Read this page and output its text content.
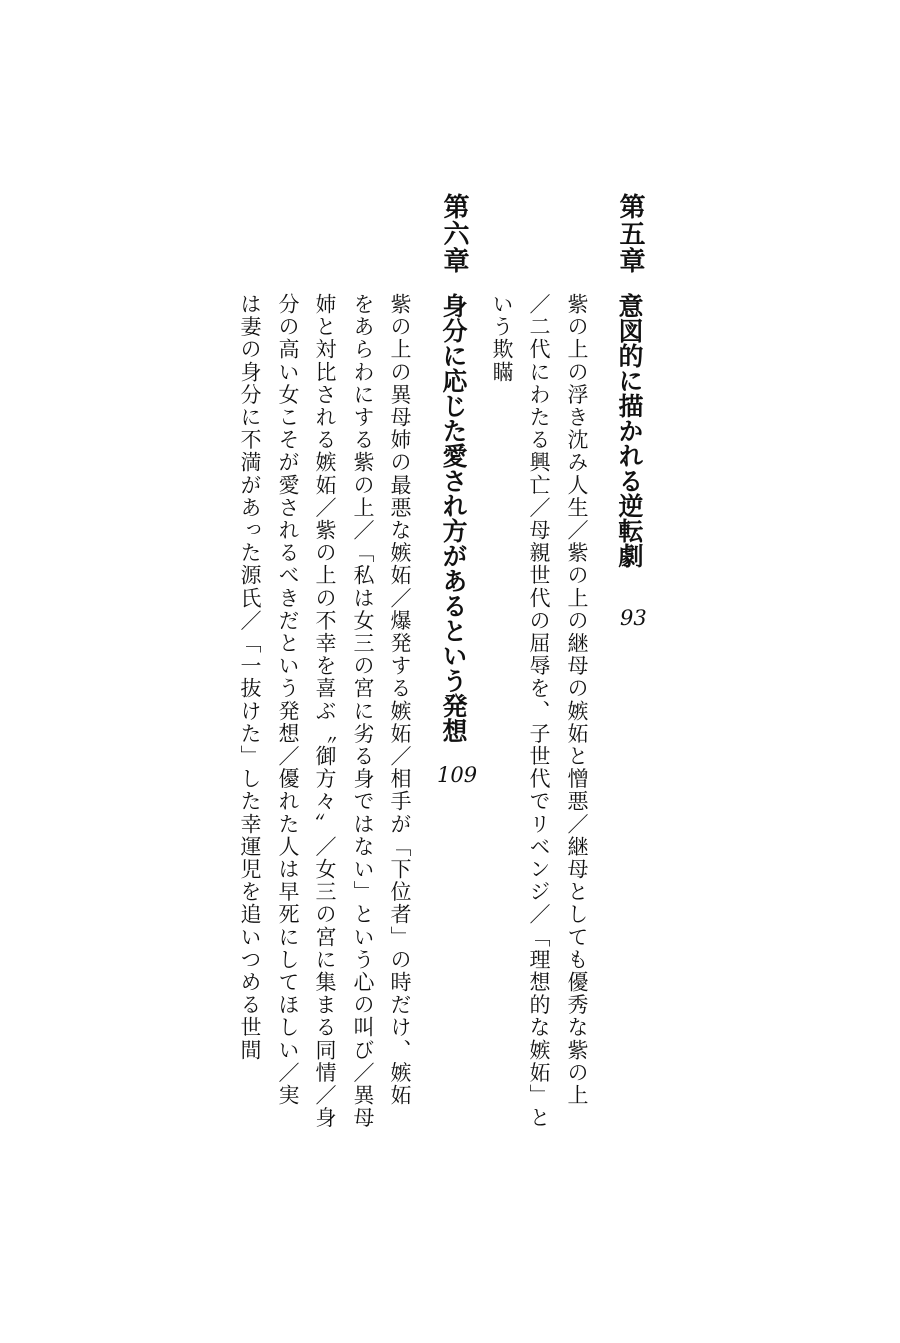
第五章
意図的に描かれる逆転劇
93
紫の上の浮き沈み人生／紫の上の継母の嫉妬と憎悪／継母としても優秀な紫の上
／二代にわたる興亡／母親世代の屈辱を、子世代でリベンジ／「理想的な嫉妬」と
いう欺瞞
第六章
身分に応じた愛され方があるという発想
109
紫の上の異母姉の最悪な嫉妬／爆発する嫉妬／相手が「下位者」の時だけ、嫉妬
をあらわにする紫の上／「私は女三の宮に劣る身ではない」という心の叫び／異母
姉と対比される嫉妬／紫の上の不幸を喜ぶ〝御方々〟／女三の宮に集まる同情／身
分の高い女こそが愛されるべきだという発想／優れた人は早死にしてほしい／実
は妻の身分に不満があった源氏／「一抜けた」した幸運児を追いつめる世間
